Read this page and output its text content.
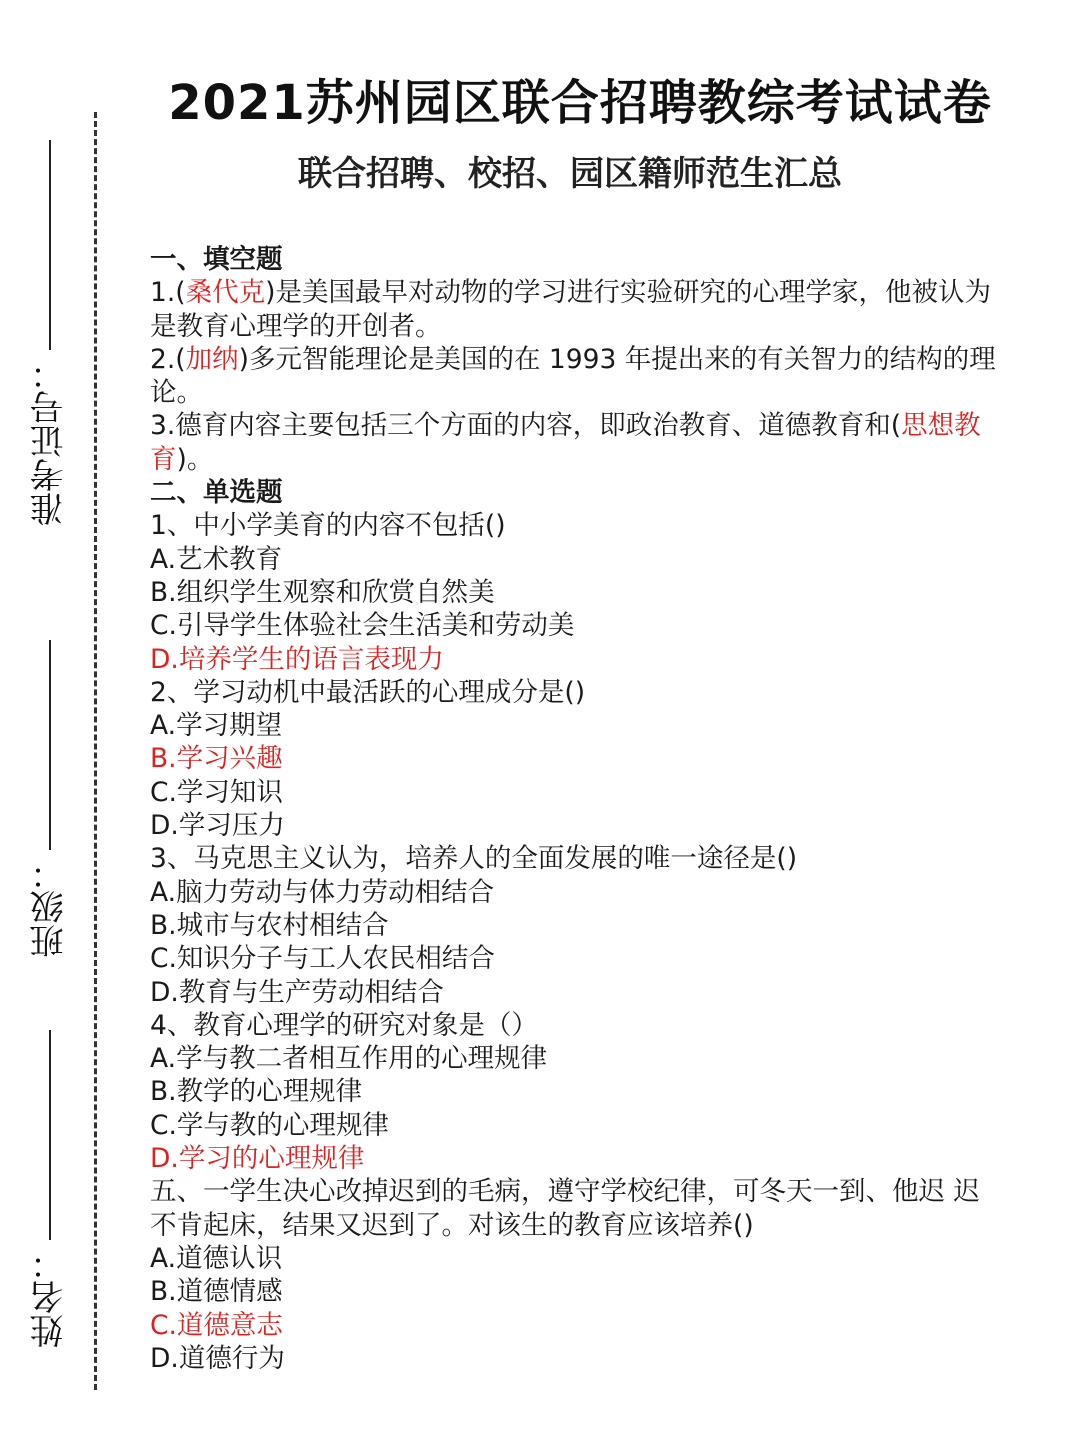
2021苏州园区联合招聘教综考试试卷
联合招聘、校招、园区籍师范生汇总
准考证号：
班级：
姓名：
一、填空题
1.(桑代克)是美国最早对动物的学习进行实验研究的心理学家，他被认为
是教育心理学的开创者。
2.(加纳)多元智能理论是美国的在 1993 年提出来的有关智力的结构的理
论。
3.德育内容主要包括三个方面的内容，即政治教育、道德教育和(思想教
育)。
二、单选题
1、中小学美育的内容不包括()
A.艺术教育
B.组织学生观察和欣赏自然美
C.引导学生体验社会生活美和劳动美
D.培养学生的语言表现力
2、学习动机中最活跃的心理成分是()
A.学习期望
B.学习兴趣
C.学习知识
D.学习压力
3、马克思主义认为，培养人的全面发展的唯一途径是()
A.脑力劳动与体力劳动相结合
B.城市与农村相结合
C.知识分子与工人农民相结合
D.教育与生产劳动相结合
4、教育心理学的研究对象是（）
A.学与教二者相互作用的心理规律
B.教学的心理规律
C.学与教的心理规律
D.学习的心理规律
五、一学生决心改掉迟到的毛病，遵守学校纪律，可冬天一到、他迟 迟
不肯起床，结果又迟到了。对该生的教育应该培养()
A.道德认识
B.道德情感
C.道德意志
D.道德行为
